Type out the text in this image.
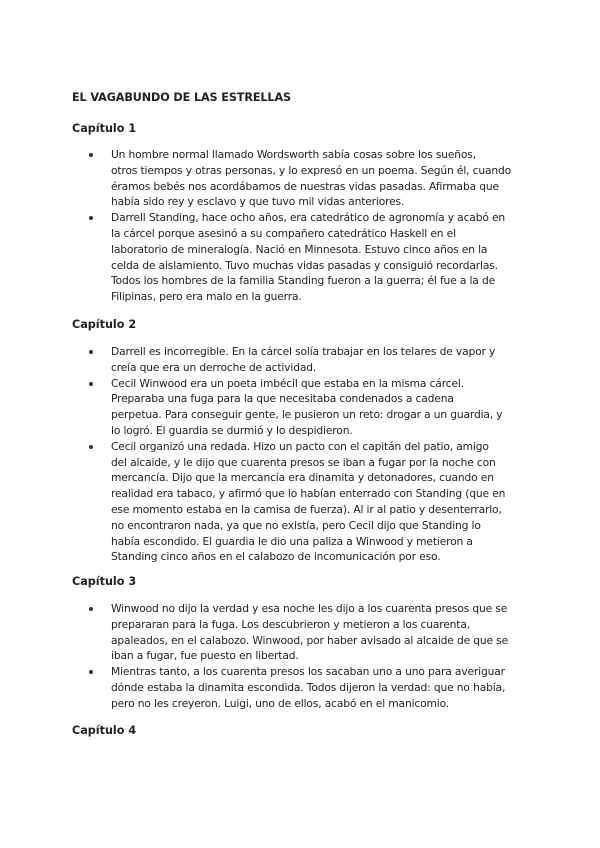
EL VAGABUNDO DE LAS ESTRELLAS
Capítulo 1
Un hombre normal llamado Wordsworth sabía cosas sobre los sueños,
otros tiempos y otras personas, y lo expresó en un poema. Según él, cuando
éramos bebés nos acordábamos de nuestras vidas pasadas. Afirmaba que
había sido rey y esclavo y que tuvo mil vidas anteriores.
Darrell Standing, hace ocho años, era catedrático de agronomía y acabó en
la cárcel porque asesinó a su compañero catedrático Haskell en el
laboratorio de mineralogía. Nació en Minnesota. Estuvo cinco años en la
celda de aislamiento. Tuvo muchas vidas pasadas y consiguió recordarlas.
Todos los hombres de la familia Standing fueron a la guerra; él fue a la de
Filipinas, pero era malo en la guerra.
Capítulo 2
Darrell es incorregible. En la cárcel solía trabajar en los telares de vapor y
creía que era un derroche de actividad.
Cecil Winwood era un poeta imbécil que estaba en la misma cárcel.
Preparaba una fuga para la que necesitaba condenados a cadena
perpetua. Para conseguir gente, le pusieron un reto: drogar a un guardia, y
lo logró. El guardia se durmió y lo despidieron.
Cecil organizó una redada. Hizo un pacto con el capitán del patio, amigo
del alcaide, y le dijo que cuarenta presos se iban a fugar por la noche con
mercancía. Dijo que la mercancía era dinamita y detonadores, cuando en
realidad era tabaco, y afirmó que lo habían enterrado con Standing (que en
ese momento estaba en la camisa de fuerza). Al ir al patio y desenterrarlo,
no encontraron nada, ya que no existía, pero Cecil dijo que Standing lo
había escondido. El guardia le dio una paliza a Winwood y metieron a
Standing cinco años en el calabozo de incomunicación por eso.
Capítulo 3
Winwood no dijo la verdad y esa noche les dijo a los cuarenta presos que se
prepararan para la fuga. Los descubrieron y metieron a los cuarenta,
apaleados, en el calabozo. Winwood, por haber avisado al alcaide de que se
iban a fugar, fue puesto en libertad.
Mientras tanto, a los cuarenta presos los sacaban uno a uno para averiguar
dónde estaba la dinamita escondida. Todos dijeron la verdad: que no había,
pero no les creyeron. Luigi, uno de ellos, acabó en el manicomio.
Capítulo 4
